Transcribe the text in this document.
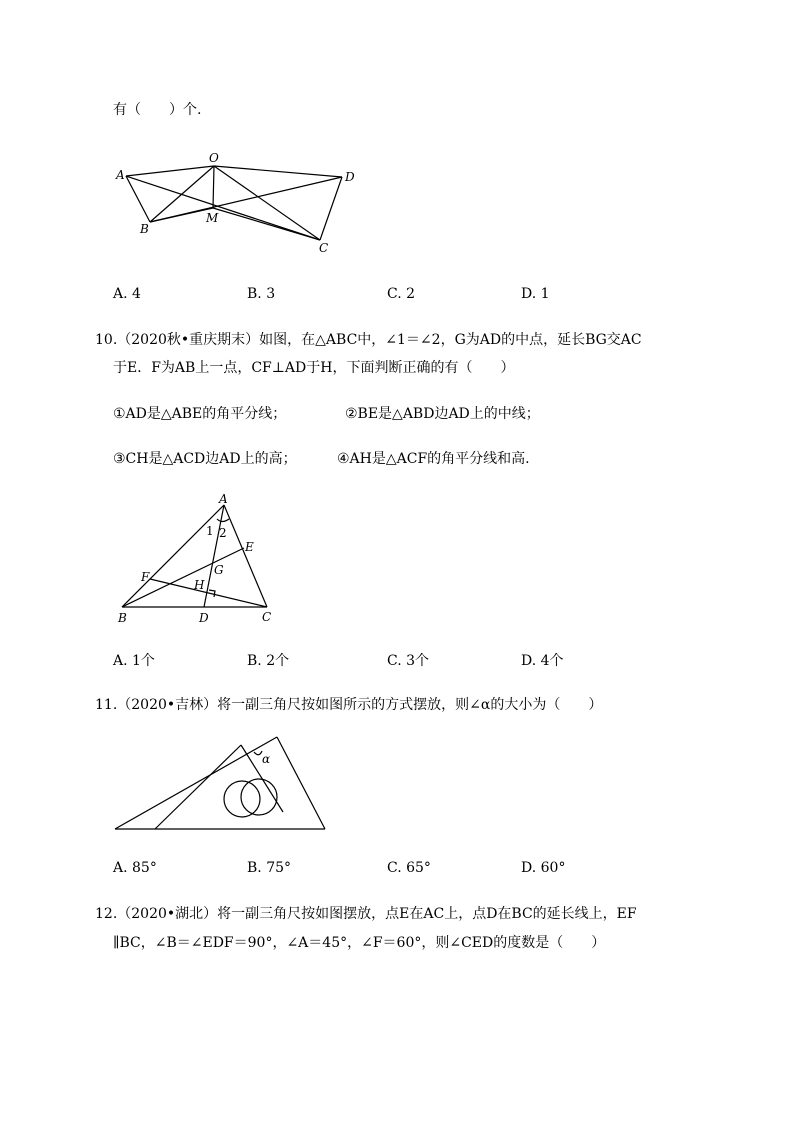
有（　　）个.
A
O
D
B
M
C
A. 4	B. 3	C. 2	D. 1
10.（2020秋•重庆期末）如图，在△ABC中，∠1＝∠2，G为AD的中点，延长BG交AC
于E．F为AB上一点，CF⊥AD于H，下面判断正确的有（　　）
①AD是△ABE的角平分线；	②BE是△ABD边AD上的中线；
③CH是△ACD边AD上的高；	④AH是△ACF的角平分线和高.
A
1 2
E
G
F
H
B	D	C
A. 1个	B. 2个	C. 3个	D. 4个
11.（2020•吉林）将一副三角尺按如图所示的方式摆放，则∠α的大小为（　　）
α
A. 85°	B. 75°	C. 65°	D. 60°
12.（2020•湖北）将一副三角尺按如图摆放，点E在AC上，点D在BC的延长线上，EF
∥BC，∠B＝∠EDF＝90°，∠A＝45°，∠F＝60°，则∠CED的度数是（　　）
